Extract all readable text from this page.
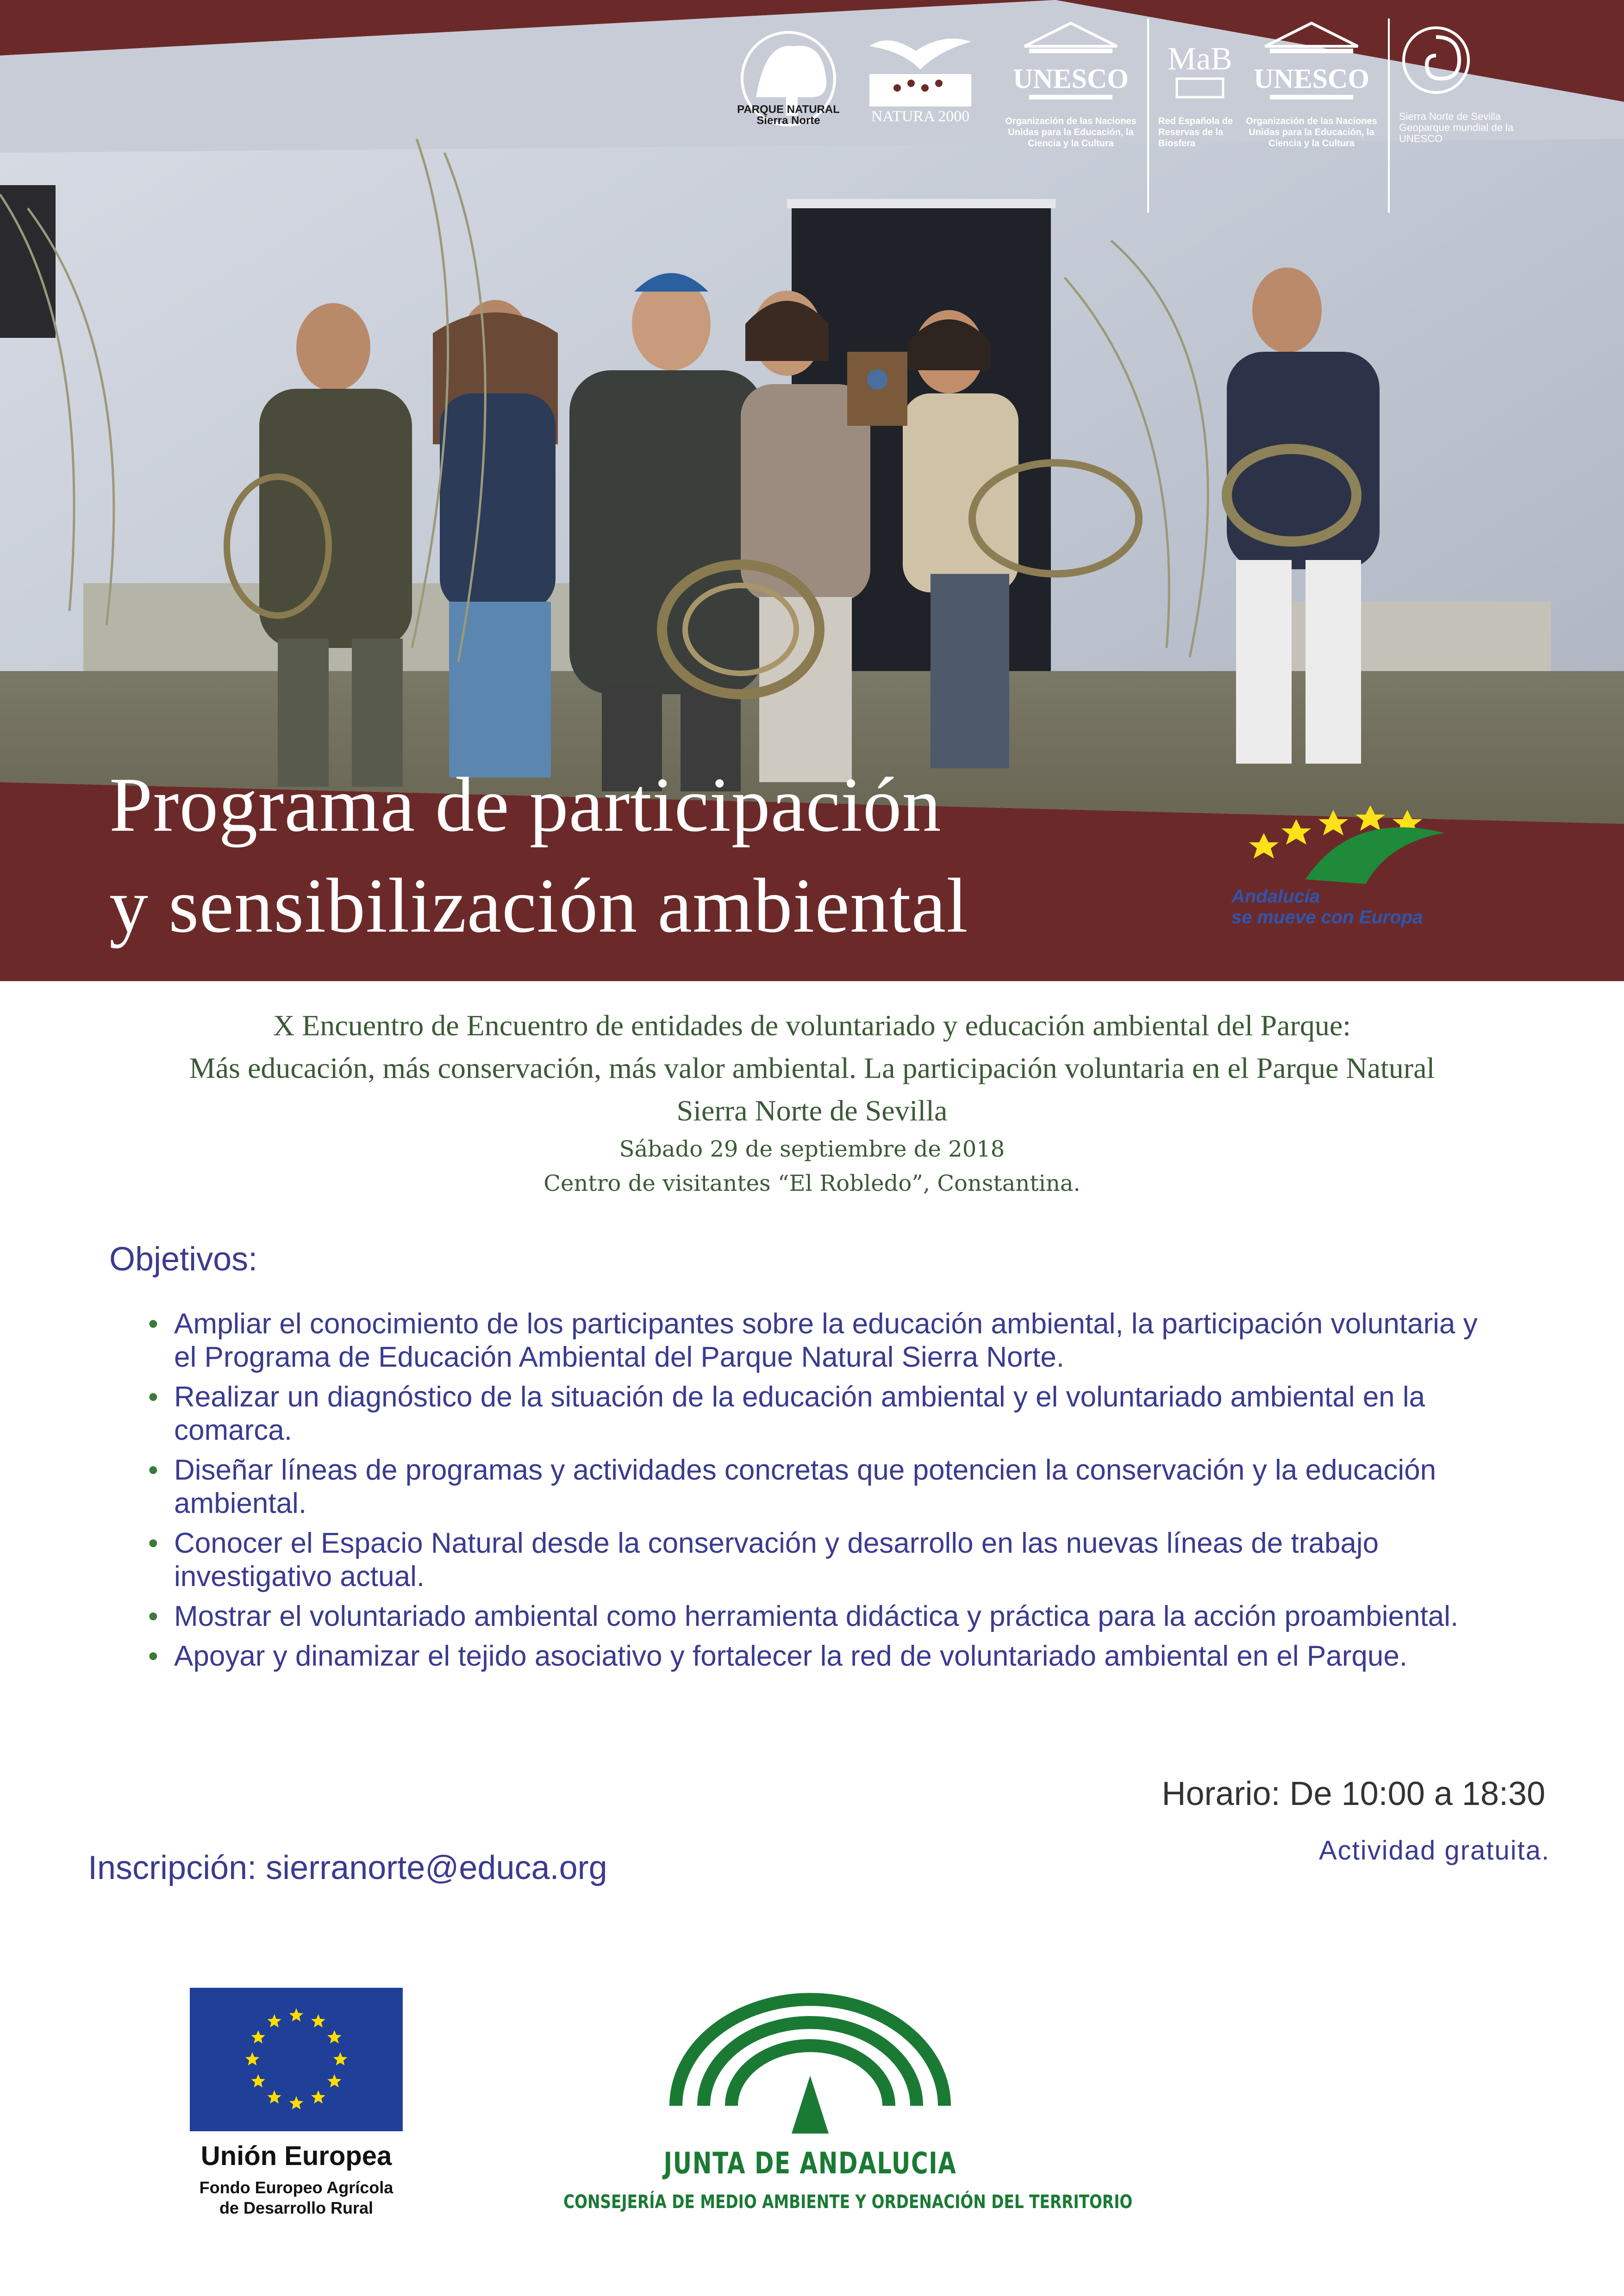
PARQUE NATURAL Sierra Norte	NATURA 2000
UNESCO
Organización de las Naciones Unidas para la Educación, la Ciencia y la Cultura
MaB
Red Española de Reservas de la Biosfera
UNESCO
Organización de las Naciones Unidas para la Educación, la Ciencia y la Cultura
Sierra Norte de Sevilla Geoparque mundial de la UNESCO
Programa de participación
y sensibilización ambiental	Andalucía
se mueve con Europa
X Encuentro de Encuentro de entidades de voluntariado y educación ambiental del Parque:
Más educación, más conservación, más valor ambiental. La participación voluntaria en el Parque Natural
Sierra Norte de Sevilla
Sábado 29 de septiembre de 2018
Centro de visitantes “El Robledo”, Constantina.
Objetivos:
• Ampliar el conocimiento de los participantes sobre la educación ambiental, la participación voluntaria y el Programa de Educación Ambiental del Parque Natural Sierra Norte.
• Realizar un diagnóstico de la situación de la educación ambiental y el voluntariado ambiental en la comarca.
• Diseñar líneas de programas y actividades concretas que potencien la conservación y la educación ambiental.
• Conocer el Espacio Natural desde la conservación y desarrollo en las nuevas líneas de trabajo investigativo actual.
• Mostrar el voluntariado ambiental como herramienta didáctica y práctica para la acción proambiental.
• Apoyar y dinamizar el tejido asociativo y fortalecer la red de voluntariado ambiental en el Parque.
Horario: De 10:00 a 18:30
Actividad gratuita.
Inscripción: sierranorte@educa.org
Unión Europea
Fondo Europeo Agrícola
de Desarrollo Rural
JUNTA DE ANDALUCIA
CONSEJERÍA DE MEDIO AMBIENTE Y ORDENACIÓN DEL TERRITORIO
